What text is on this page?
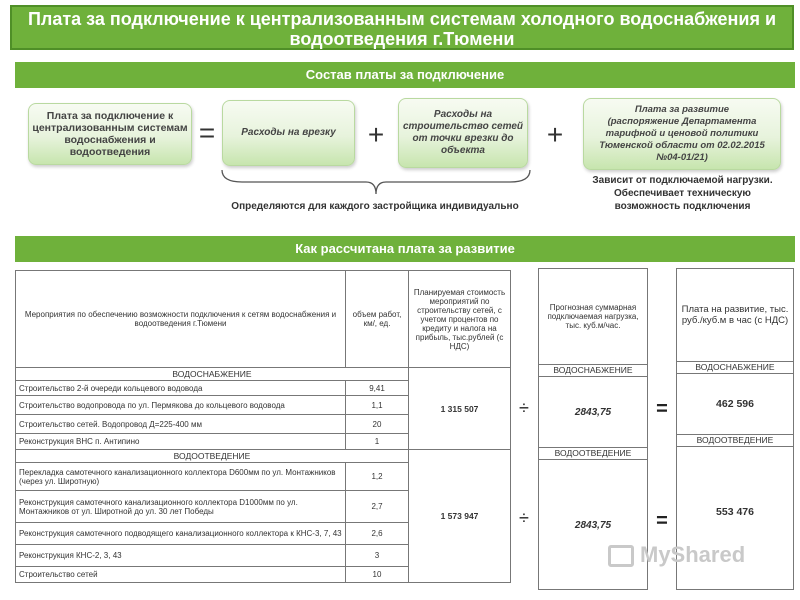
Плата за подключение к централизованным системам холодного водоснабжения и водоотведения г.Тюмени
Состав платы за подключение
Плата за подключение к централизованным системам водоснабжения и водоотведения
=	Расходы на врезку +
Расходы на строительство сетей от точки врезки до объекта
+
Плата за развитие (распоряжение Департамента тарифной и ценовой политики Тюменской области от 02.02.2015 №04-01/21)
Определяются для каждого застройщика индивидуально
Зависит от подключаемой нагрузки. Обеспечивает техническую возможность подключения
Как рассчитана плата за развитие
Мероприятия по обеспечению возможности подключения к сетям водоснабжения и водоотведения г.Тюмени	объем работ, км/, ед.	Планируемая стоимость мероприятий по строительству сетей, с учетом процентов по кредиту и налога на прибыль, тыс.рублей (с НДС)
ВОДОСНАБЖЕНИЕ		1 315 507
Строительство 2-й очереди кольцевого водовода	9,41	
Строительство водопровода по ул. Пермякова до кольцевого водовода	1,1	
Строительство сетей. Водопровод Д=225-400 мм	20	
Реконструкция ВНС п. Антипино	1	
ВОДООТВЕДЕНИЕ		1 573 947
Перекладка самотечного канализационного коллектора D600мм по ул. Монтажников (через ул. Широтную)	1,2	
Реконструкция самотечного канализационного коллектора D1000мм по ул. Монтажников от ул. Широтной до ул. 30 лет Победы	2,7	
Реконструкция самотечного подводящего канализационного коллектора к КНС-3, 7, 43	2,6	
Реконструкция КНС-2, 3, 43	3	
Строительство сетей	10	
÷
÷
Прогнозная суммарная подключаемая нагрузка, тыс. куб.м/час.
ВОДОСНАБЖЕНИЕ
2843,75
ВОДООТВЕДЕНИЕ
2843,75
=
=
Плата на развитие, тыс. руб./куб.м в час (с НДС)
ВОДОСНАБЖЕНИЕ
462 596
ВОДООТВЕДЕНИЕ
553 476
MyShared
